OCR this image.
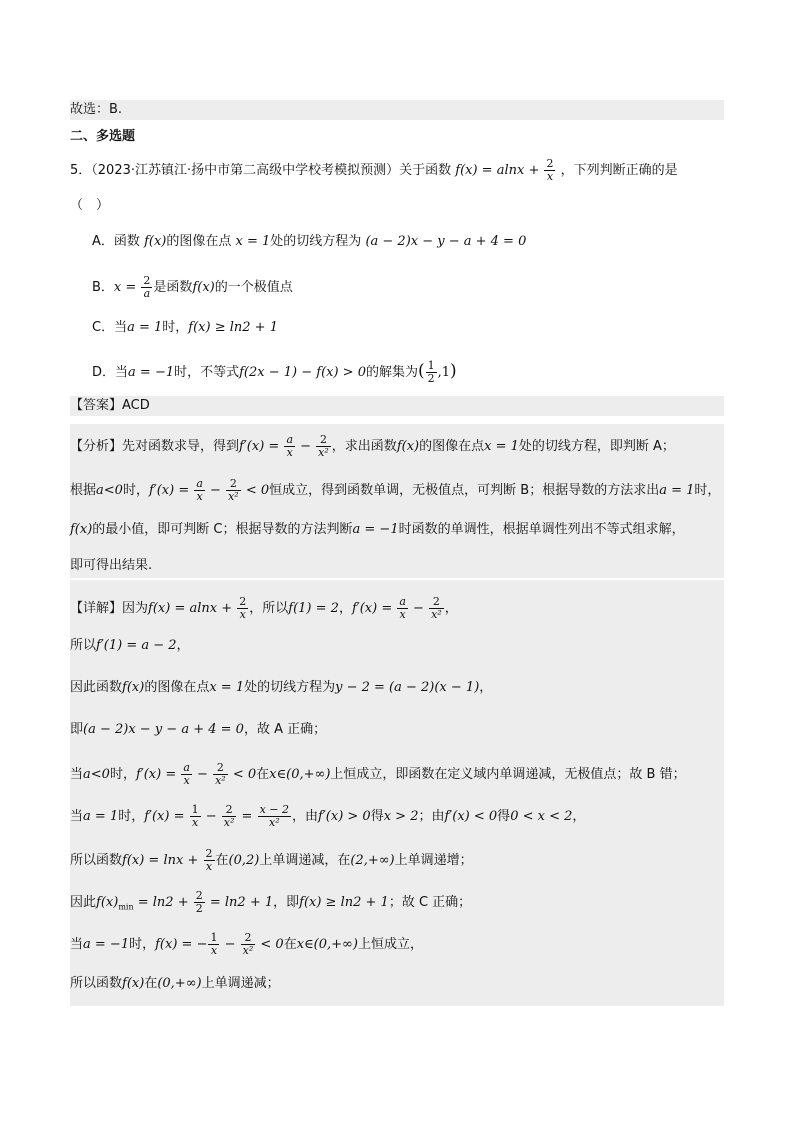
故选：B.
二、多选题
5．（2023·江苏镇江·扬中市第二高级中学校考模拟预测）关于函数 $f(x) = alnx + \frac{2}{x}$ ，下列判断正确的是
（　）
A．函数 f(x)的图像在点 x = 1处的切线方程为 (a − 2)x − y − a + 4 = 0
B．$x = \frac{2}{a}$ 是函数f(x)的一个极值点
C．当a = 1时，f(x) ≥ ln2 + 1
D．当a = −1时，不等式f(2x − 1) − f(x) > 0的解集为( $\frac{1}{2} ,1$)
【答案】ACD
【分析】先对函数求导，得到$f'(x) = \frac{a}{x} - \frac{2}{\text{x²}}$ ，求出函数f(x)的图像在点x = 1处的切线方程，即判断 A；
根据a<0时，$f'(x) = \frac{a}{x} - \frac{2}{\text{x²}} < 0$恒成立，得到函数单调，无极值点，可判断 B；根据导数的方法求出a = 1时，
f(x)的最小值，即可判断 C；根据导数的方法判断a = −1时函数的单调性，根据单调性列出不等式组求解，
即可得出结果.
【详解】因为$f(x) = alnx + \frac{2}{x}$ ，所以f(1) = 2，$f'(x) = \frac{a}{x} - \frac{2}{\text{x²}}$ ，
所以f′(1) = a − 2，
因此函数f(x)的图像在点x = 1处的切线方程为y − 2 = (a − 2)(x − 1)，
即(a − 2)x − y − a + 4 = 0，故 A 正确；
当a<0时，$f'(x) = \frac{a}{x} - \frac{2}{\text{x²}} < 0$在x∈(0,+∞)上恒成立，即函数在定义域内单调递减，无极值点；故 B 错；
当a = 1时，$f'(x) = \frac{1}{x} - \frac{2}{\text{x²}} = \frac{x - 2}{\text{x²}}$ ，由f′(x) > 0得x > 2；由f′(x) < 0得0 < x < 2，
所以函数$f(x) = \ln x + \frac{2}{x}$ 在(0,2)上单调递减，在(2,+∞)上单调递增；
因此$f(x)_{min} = \ln 2 + \frac{2}{2} = \ln 2 + 1$，即f(x) ≥ ln2 + 1；故 C 正确；
当a = −1时，f(x) = − $\frac{1}{x} - \frac{2}{\text{x²}} < 0$在x∈(0,+∞)上恒成立，
所以函数f(x)在(0,+∞)上单调递减；
